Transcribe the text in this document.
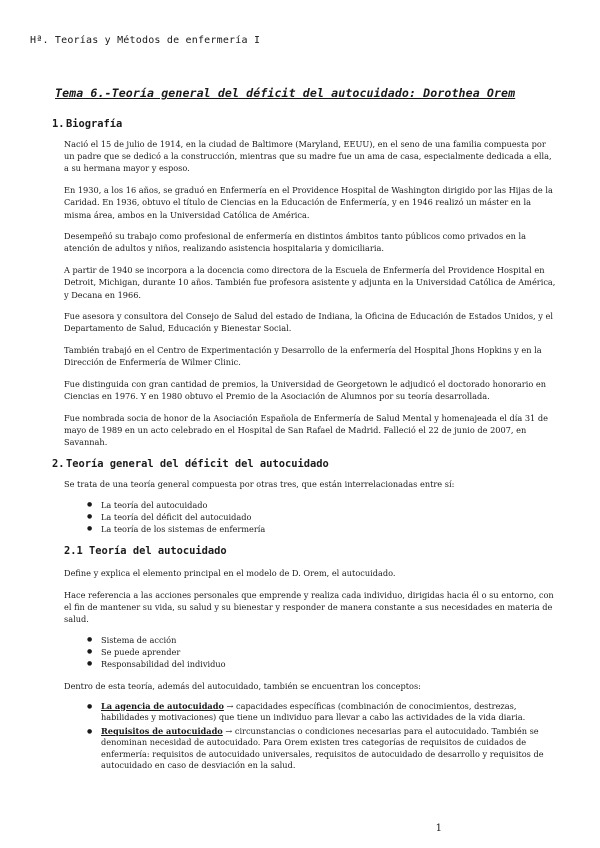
Hª. Teorías y Métodos de enfermería I
Tema 6.-Teoría general del déficit del autocuidado: Dorothea Orem
1. Biografía

Nació el 15 de julio de 1914, en la ciudad de Baltimore (Maryland, EEUU), en el seno de una familia compuesta por un padre que se dedicó a la construcción, mientras que su madre fue un ama de casa, especialmente dedicada a ella, a su hermana mayor y esposo.

En 1930, a los 16 años, se graduó en Enfermería en el Providence Hospital de Washington dirigido por las Hijas de la Caridad. En 1936, obtuvo el título de Ciencias en la Educación de Enfermería, y en 1946 realizó un máster en la misma área, ambos en la Universidad Católica de América.

Desempeñó su trabajo como profesional de enfermería en distintos ámbitos tanto públicos como privados en la atención de adultos y niños, realizando asistencia hospitalaria y domiciliaria.

A partir de 1940 se incorpora a la docencia como directora de la Escuela de Enfermería del Providence Hospital en Detroit, Michigan, durante 10 años. También fue profesora asistente y adjunta en la Universidad Católica de América, y Decana en 1966.

Fue asesora y consultora del Consejo de Salud del estado de Indiana, la Oficina de Educación de Estados Unidos, y el Departamento de Salud, Educación y Bienestar Social.

También trabajó en el Centro de Experimentación y Desarrollo de la enfermería del Hospital Jhons Hopkins y en la Dirección de Enfermería de Wilmer Clinic.

Fue distinguida con gran cantidad de premios, la Universidad de Georgetown le adjudicó el doctorado honorario en Ciencias en 1976. Y en 1980 obtuvo el Premio de la Asociación de Alumnos por su teoría desarrollada.

Fue nombrada socia de honor de la Asociación Española de Enfermería de Salud Mental y homenajeada el día 31 de mayo de 1989 en un acto celebrado en el Hospital de San Rafael de Madrid. Falleció el 22 de junio de 2007, en Savannah.

2. Teoría general del déficit del autocuidado

Se trata de una teoría general compuesta por otras tres, que están interrelacionadas entre sí:

● La teoría del autocuidado
● La teoría del déficit del autocuidado
● La teoría de los sistemas de enfermería
2.1 Teoría del autocuidado

Define y explica el elemento principal en el modelo de D. Orem, el autocuidado.

Hace referencia a las acciones personales que emprende y realiza cada individuo, dirigidas hacia él o su entorno, con el fin de mantener su vida, su salud y su bienestar y responder de manera constante a sus necesidades en materia de salud.

● Sistema de acción
● Se puede aprender
● Responsabilidad del individuo

Dentro de esta teoría, además del autocuidado, también se encuentran los conceptos:

● La agencia de autocuidado → capacidades específicas (combinación de conocimientos, destrezas, habilidades y motivaciones) que tiene un individuo para llevar a cabo las actividades de la vida diaria.
● Requisitos de autocuidado → circunstancias o condiciones necesarias para el autocuidado. También se denominan necesidad de autocuidado. Para Orem existen tres categorías de requisitos de cuidados de enfermería: requisitos de autocuidado universales, requisitos de autocuidado de desarrollo y requisitos de autocuidado en caso de desviación en la salud.
1
